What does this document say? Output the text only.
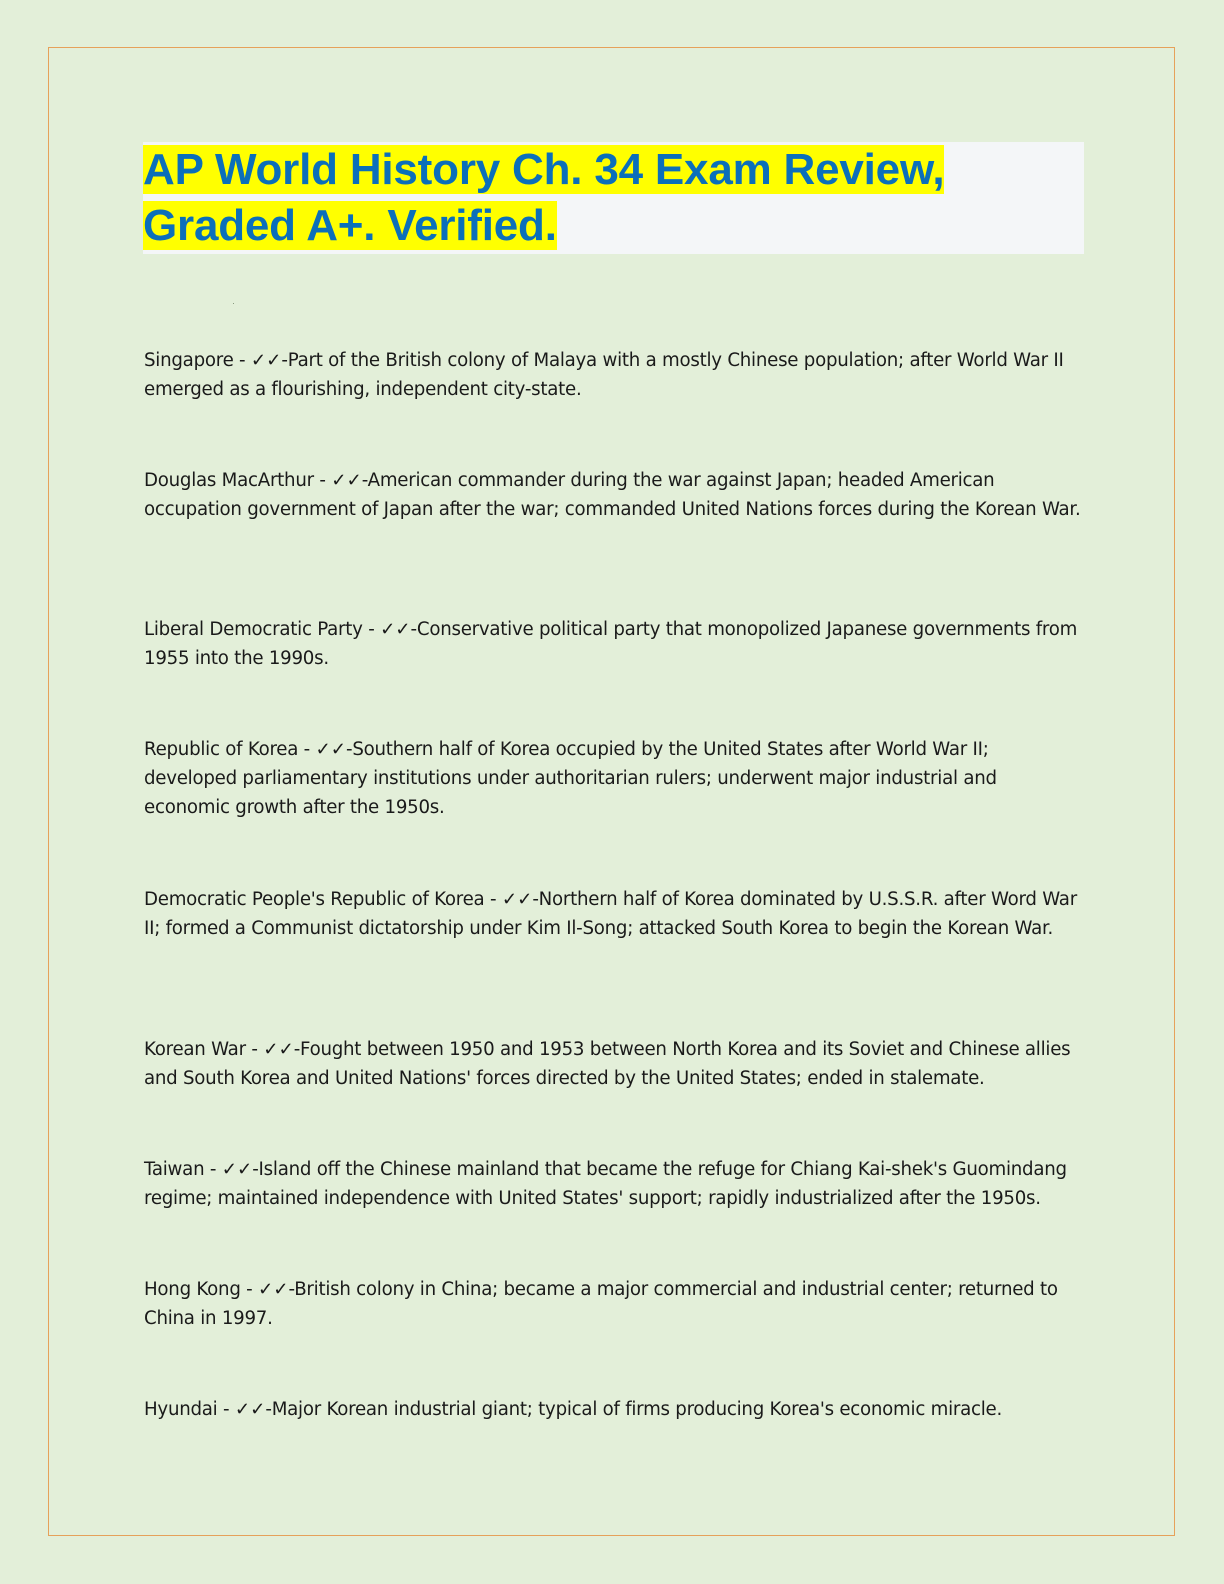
AP World History Ch. 34 Exam Review,
Graded A+. Verified.

Singapore - ✓✓-Part of the British colony of Malaya with a mostly Chinese population; after World War II emerged as a flourishing, independent city-state.

Douglas MacArthur - ✓✓-American commander during the war against Japan; headed American occupation government of Japan after the war; commanded United Nations forces during the Korean War.

Liberal Democratic Party - ✓✓-Conservative political party that monopolized Japanese governments from 1955 into the 1990s.

Republic of Korea - ✓✓-Southern half of Korea occupied by the United States after World War II; developed parliamentary institutions under authoritarian rulers; underwent major industrial and economic growth after the 1950s.

Democratic People's Republic of Korea - ✓✓-Northern half of Korea dominated by U.S.S.R. after Word War II; formed a Communist dictatorship under Kim Il-Song; attacked South Korea to begin the Korean War.

Korean War - ✓✓-Fought between 1950 and 1953 between North Korea and its Soviet and Chinese allies and South Korea and United Nations' forces directed by the United States; ended in stalemate.

Taiwan - ✓✓-Island off the Chinese mainland that became the refuge for Chiang Kai-shek's Guomindang regime; maintained independence with United States' support; rapidly industrialized after the 1950s.

Hong Kong - ✓✓-British colony in China; became a major commercial and industrial center; returned to China in 1997.

Hyundai - ✓✓-Major Korean industrial giant; typical of firms producing Korea's economic miracle.
